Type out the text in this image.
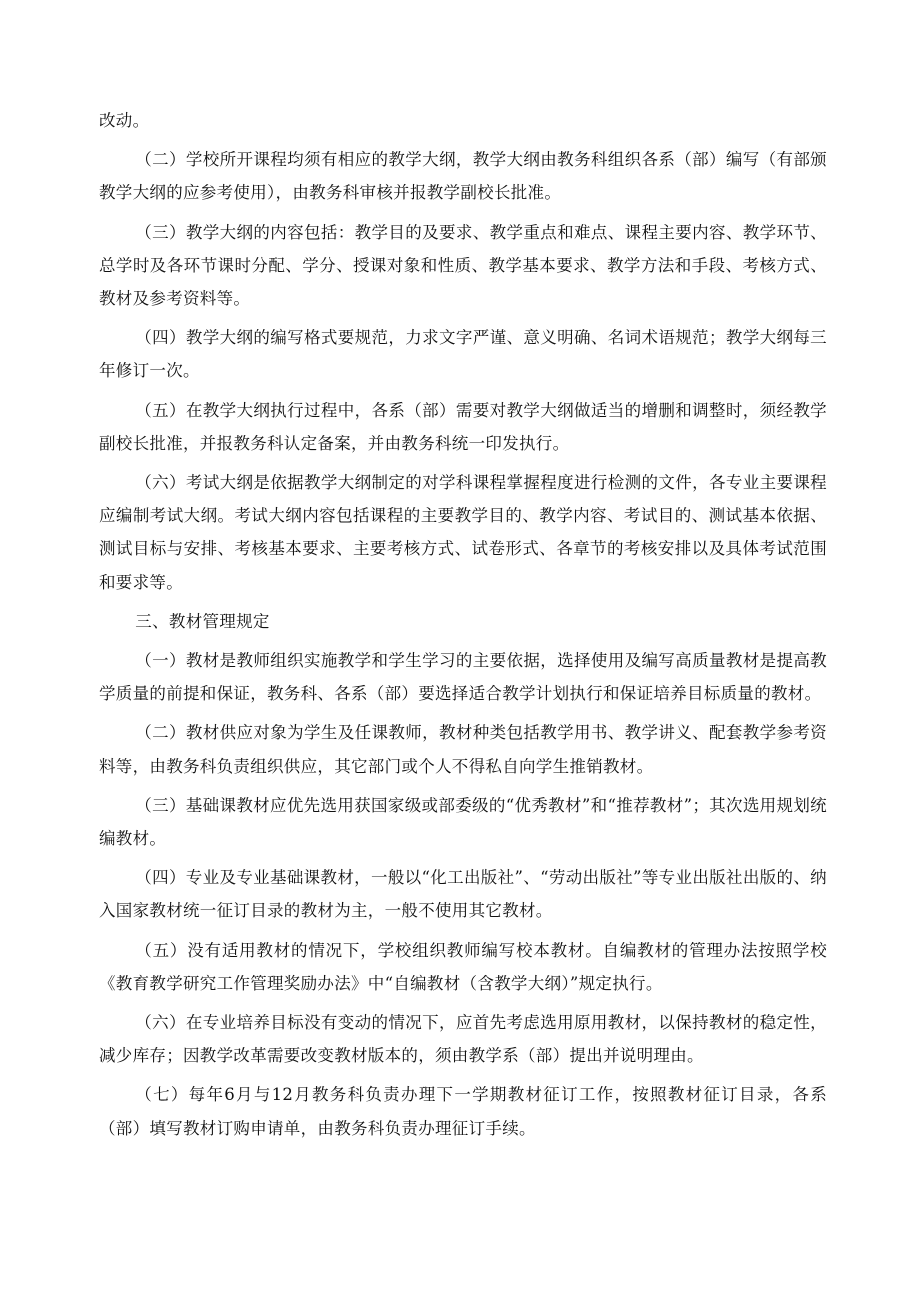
改动。

（二）学校所开课程均须有相应的教学大纲，教学大纲由教务科组织各系（部）编写（有部颁教学大纲的应参考使用），由教务科审核并报教学副校长批准。

（三）教学大纲的内容包括：教学目的及要求、教学重点和难点、课程主要内容、教学环节、总学时及各环节课时分配、学分、授课对象和性质、教学基本要求、教学方法和手段、考核方式、教材及参考资料等。

（四）教学大纲的编写格式要规范，力求文字严谨、意义明确、名词术语规范；教学大纲每三年修订一次。

（五）在教学大纲执行过程中，各系（部）需要对教学大纲做适当的增删和调整时，须经教学副校长批准，并报教务科认定备案，并由教务科统一印发执行。

（六）考试大纲是依据教学大纲制定的对学科课程掌握程度进行检测的文件，各专业主要课程应编制考试大纲。考试大纲内容包括课程的主要教学目的、教学内容、考试目的、测试基本依据、测试目标与安排、考核基本要求、主要考核方式、试卷形式、各章节的考核安排以及具体考试范围和要求等。

三、教材管理规定

（一）教材是教师组织实施教学和学生学习的主要依据，选择使用及编写高质量教材是提高教学质量的前提和保证，教务科、各系（部）要选择适合教学计划执行和保证培养目标质量的教材。

（二）教材供应对象为学生及任课教师，教材种类包括教学用书、教学讲义、配套教学参考资料等，由教务科负责组织供应，其它部门或个人不得私自向学生推销教材。

（三）基础课教材应优先选用获国家级或部委级的“优秀教材”和“推荐教材”；其次选用规划统编教材。

（四）专业及专业基础课教材，一般以“化工出版社”、“劳动出版社”等专业出版社出版的、纳入国家教材统一征订目录的教材为主，一般不使用其它教材。

（五）没有适用教材的情况下，学校组织教师编写校本教材。自编教材的管理办法按照学校《教育教学研究工作管理奖励办法》中“自编教材（含教学大纲）”规定执行。

（六）在专业培养目标没有变动的情况下，应首先考虑选用原用教材，以保持教材的稳定性，减少库存；因教学改革需要改变教材版本的，须由教学系（部）提出并说明理由。

（七）每年6月与12月教务科负责办理下一学期教材征订工作，按照教材征订目录，各系（部）填写教材订购申请单，由教务科负责办理征订手续。
